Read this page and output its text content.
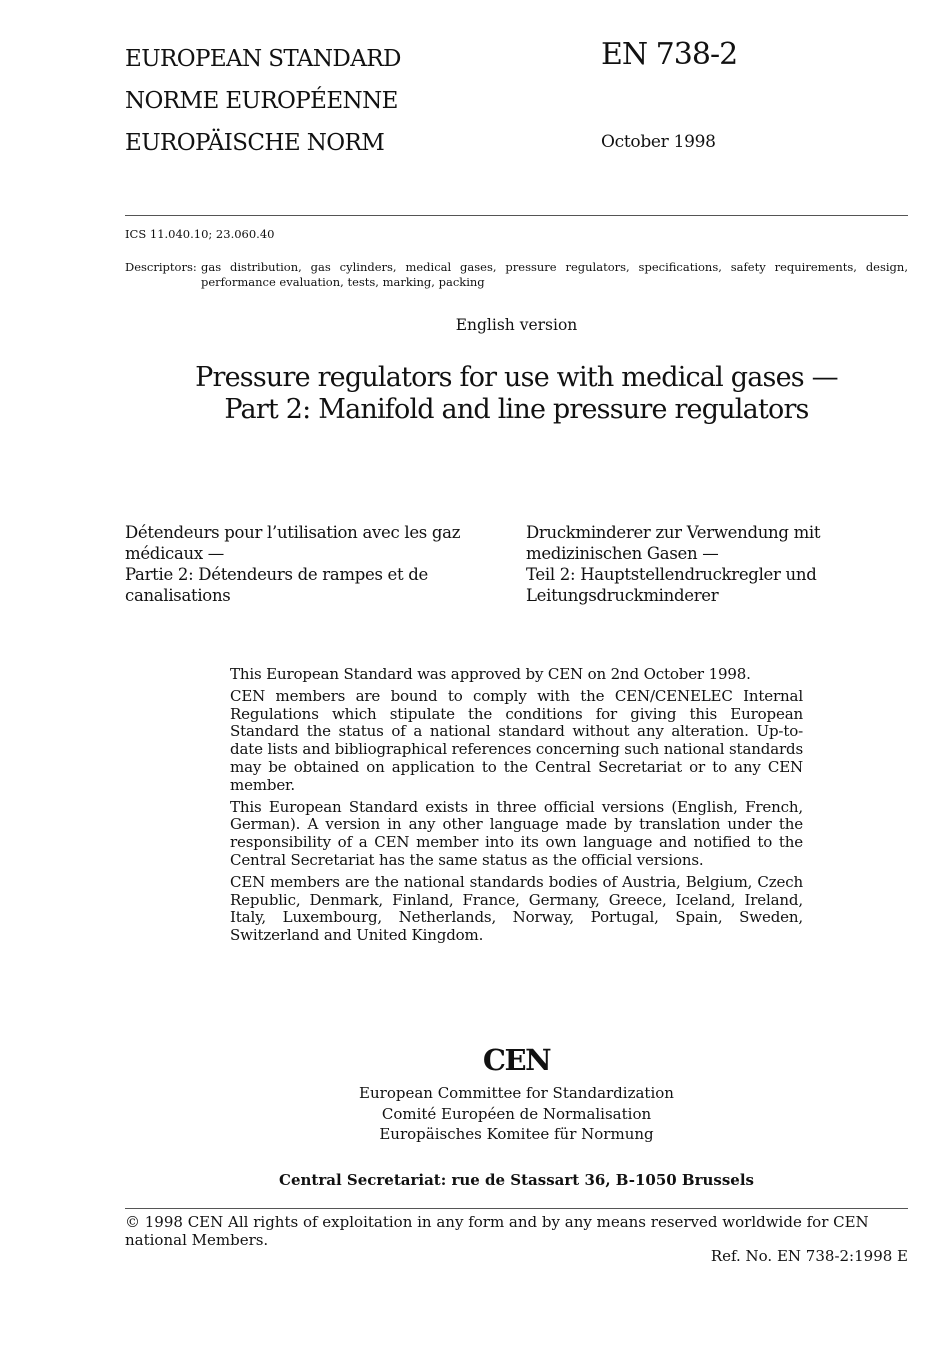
EUROPEAN STANDARD
NORME EUROPÉENNE
EUROPÄISCHE NORM
EN 738-2
October 1998
ICS 11.040.10; 23.060.40
Descriptors: gas distribution, gas cylinders, medical gases, pressure regulators, specifications, safety requirements, design, performance evaluation, tests, marking, packing
English version
Pressure regulators for use with medical gases —
Part 2: Manifold and line pressure regulators
Détendeurs pour l’utilisation avec les gaz médicaux —
Partie 2: Détendeurs de rampes et de canalisations
Druckminderer zur Verwendung mit medizinischen Gasen —
Teil 2: Hauptstellendruckregler und Leitungsdruckminderer

This European Standard was approved by CEN on 2nd October 1998.

CEN members are bound to comply with the CEN/CENELEC Internal Regulations which stipulate the conditions for giving this European Standard the status of a national standard without any alteration. Up-to-date lists and bibliographical references concerning such national standards may be obtained on application to the Central Secretariat or to any CEN member.

This European Standard exists in three official versions (English, French, German). A version in any other language made by translation under the responsibility of a CEN member into its own language and notified to the Central Secretariat has the same status as the official versions.

CEN members are the national standards bodies of Austria, Belgium, Czech Republic, Denmark, Finland, France, Germany, Greece, Iceland, Ireland, Italy, Luxembourg, Netherlands, Norway, Portugal, Spain, Sweden, Switzerland and United Kingdom.

CEN
European Committee for Standardization
Comité Européen de Normalisation
Europäisches Komitee für Normung
Central Secretariat: rue de Stassart 36, B-1050 Brussels
© 1998 CEN All rights of exploitation in any form and by any means reserved worldwide for CEN national Members.
Ref. No. EN 738-2:1998 E
